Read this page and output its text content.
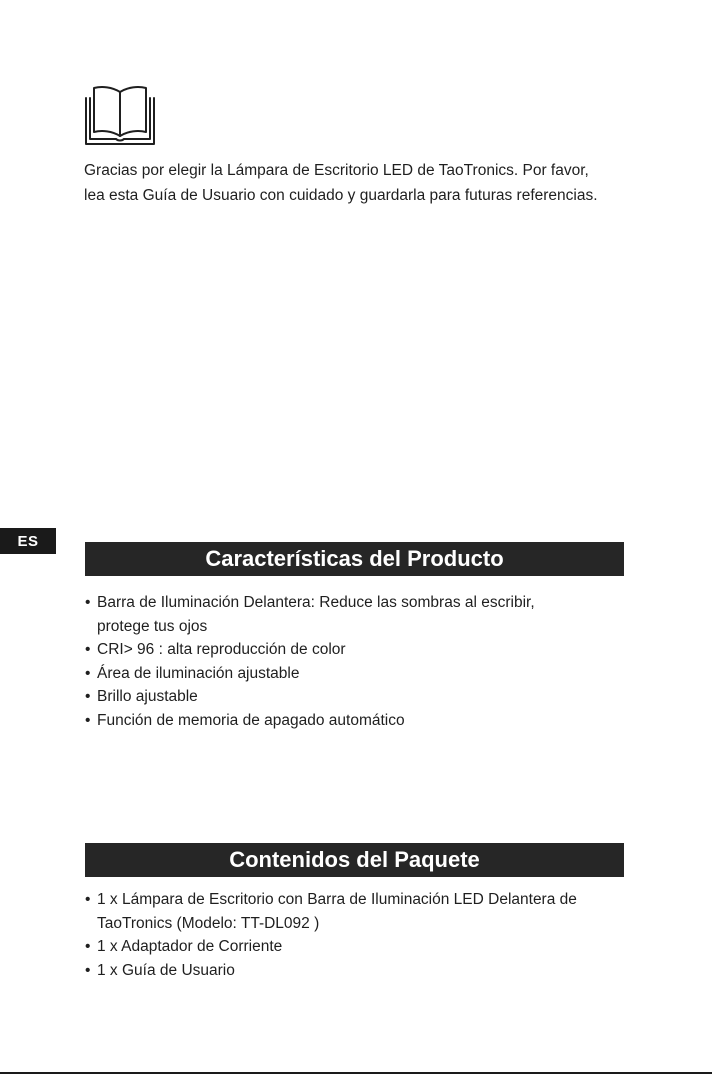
Gracias por elegir la Lámpara de Escritorio LED de TaoTronics. Por favor,
lea esta Guía de Usuario con cuidado y guardarla para futuras referencias.

ES
Características del Producto
• Barra de Iluminación Delantera: Reduce las sombras al escribir,
protege tus ojos
• CRI> 96 : alta reproducción de color
• Área de iluminación ajustable
• Brillo ajustable
• Función de memoria de apagado automático
Contenidos del Paquete
• 1 x Lámpara de Escritorio con Barra de Iluminación LED Delantera de
TaoTronics (Modelo: TT-DL092 )
• 1 x Adaptador de Corriente
• 1 x Guía de Usuario
